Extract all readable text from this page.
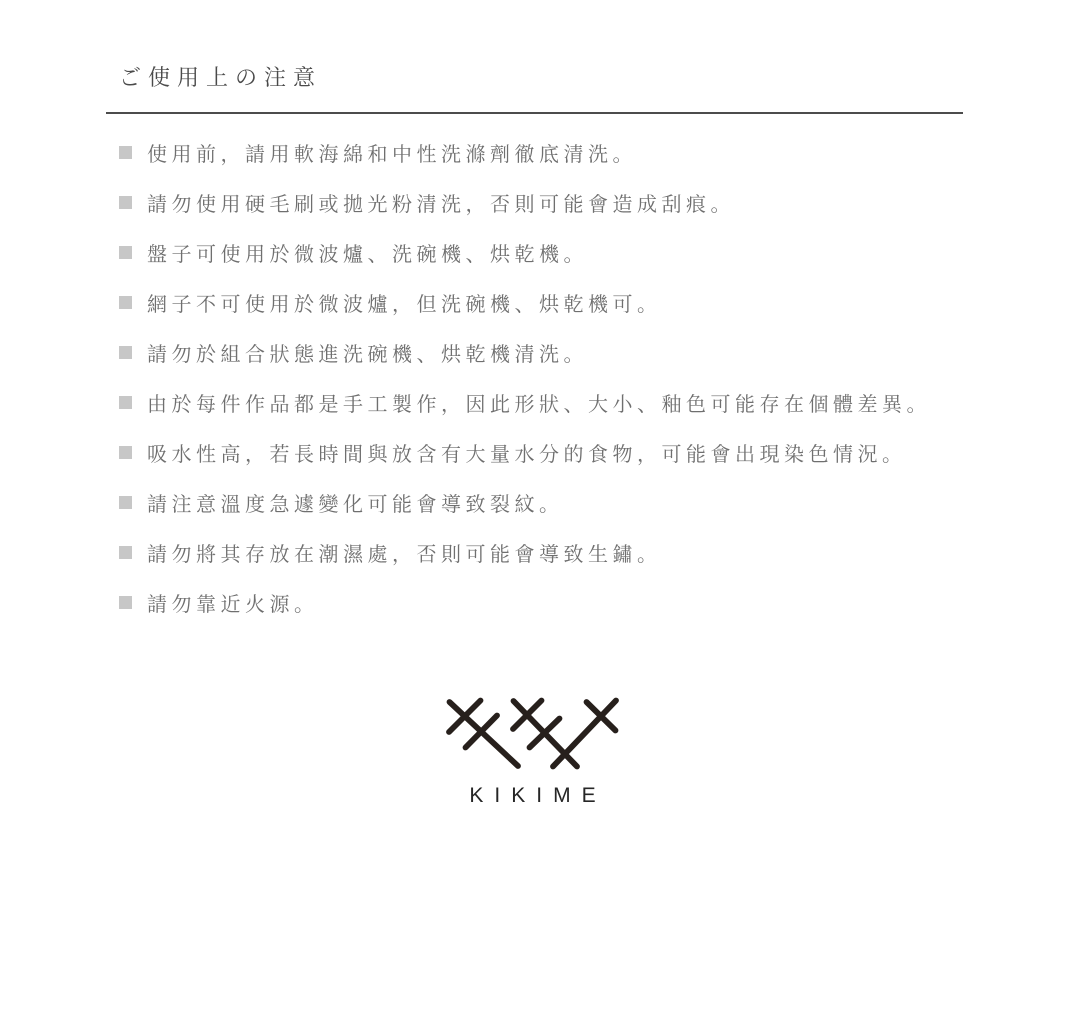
ご使用上の注意
使用前，請用軟海綿和中性洗滌劑徹底清洗。
請勿使用硬毛刷或拋光粉清洗，否則可能會造成刮痕。
盤子可使用於微波爐、洗碗機、烘乾機。
網子不可使用於微波爐，但洗碗機、烘乾機可。
請勿於組合狀態進洗碗機、烘乾機清洗。
由於每件作品都是手工製作，因此形狀、大小、釉色可能存在個體差異。
吸水性高，若長時間與放含有大量水分的食物，可能會出現染色情況。
請注意溫度急遽變化可能會導致裂紋。
請勿將其存放在潮濕處，否則可能會導致生鏽。
請勿靠近火源。
KIKIME
